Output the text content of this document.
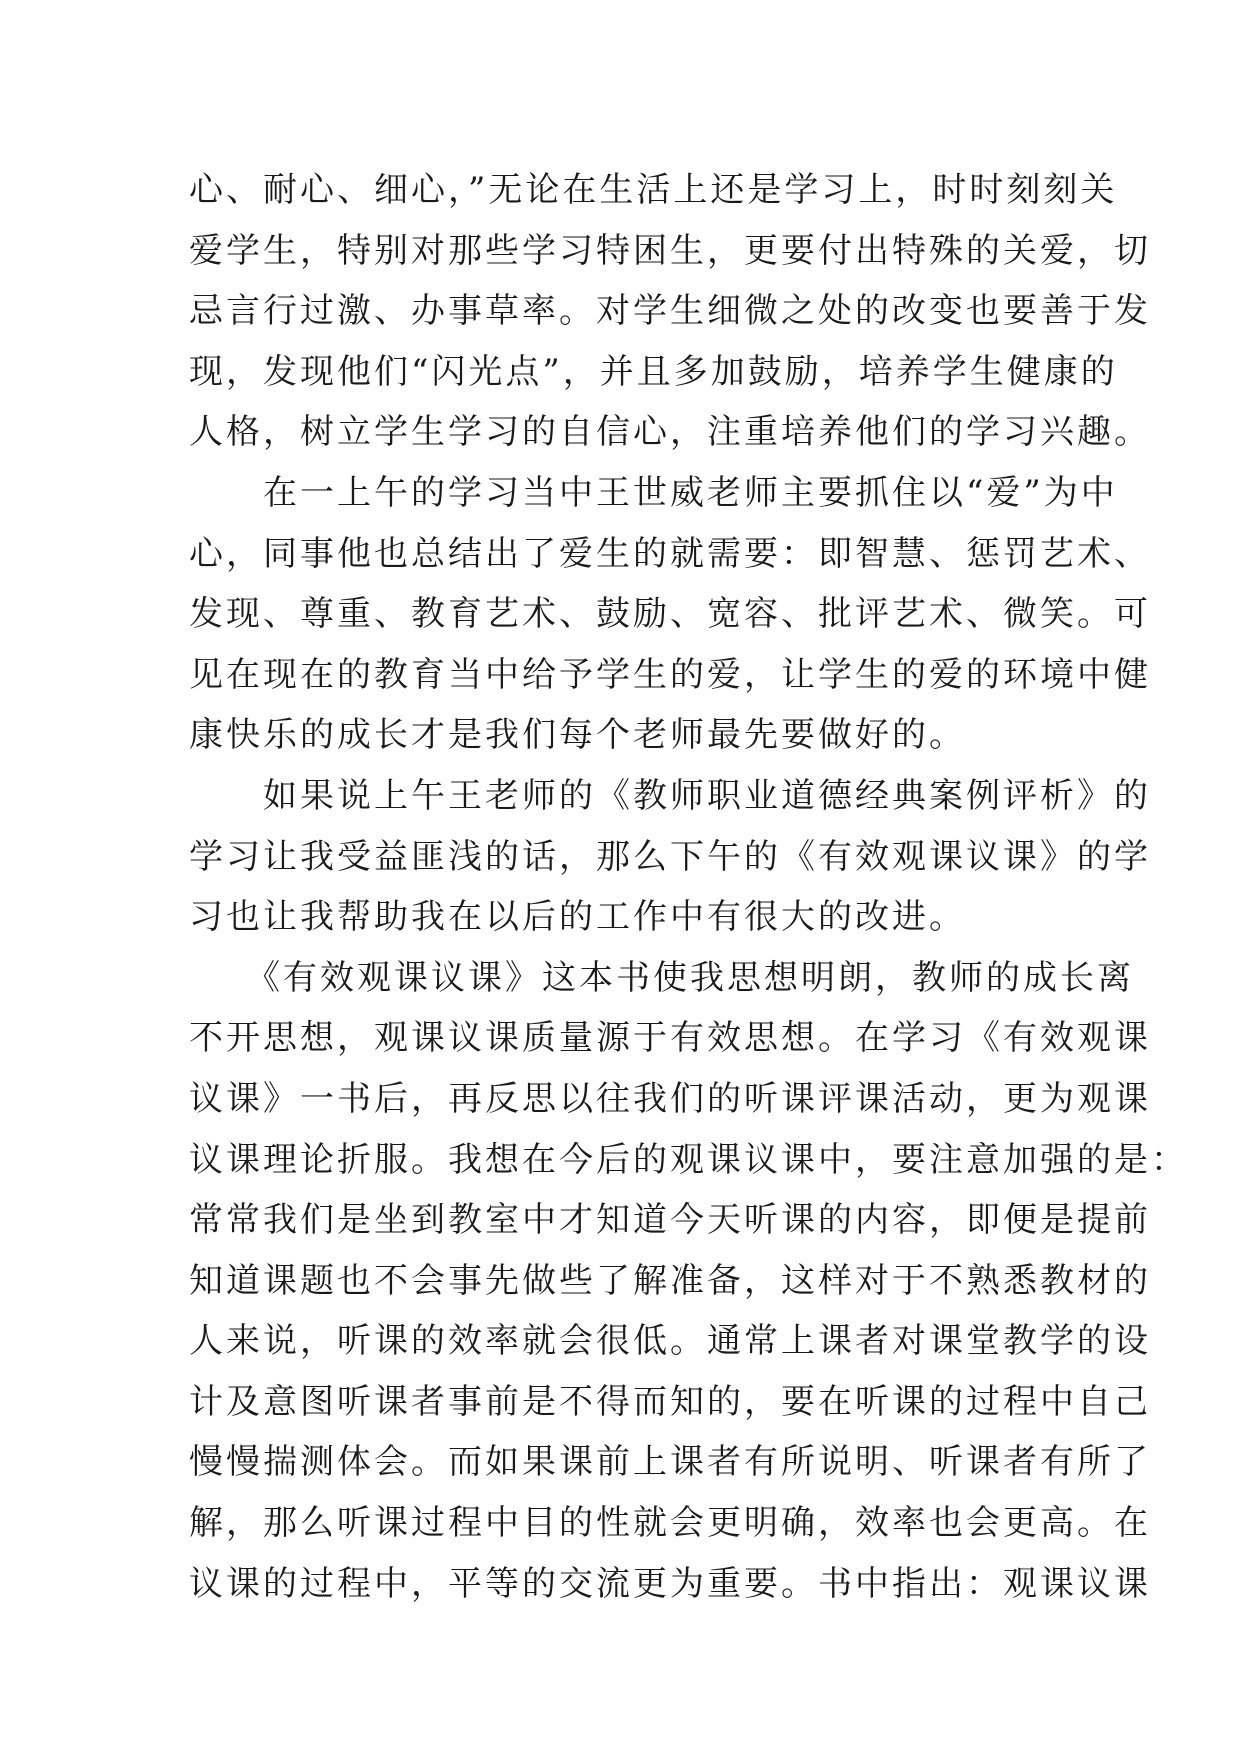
心、耐心、细心，”无论在生活上还是学习上，时时刻刻关
爱学生，特别对那些学习特困生，更要付出特殊的关爱，切
忌言行过激、办事草率。对学生细微之处的改变也要善于发
现，发现他们“闪光点”，并且多加鼓励，培养学生健康的
人格，树立学生学习的自信心，注重培养他们的学习兴趣。
　　在一上午的学习当中王世威老师主要抓住以“爱”为中
心，同事他也总结出了爱生的就需要：即智慧、惩罚艺术、
发现、尊重、教育艺术、鼓励、宽容、批评艺术、微笑。可
见在现在的教育当中给予学生的爱，让学生的爱的环境中健
康快乐的成长才是我们每个老师最先要做好的。
　　如果说上午王老师的《教师职业道德经典案例评析》的
学习让我受益匪浅的话，那么下午的《有效观课议课》的学
习也让我帮助我在以后的工作中有很大的改进。
　　《有效观课议课》这本书使我思想明朗，教师的成长离
不开思想，观课议课质量源于有效思想。在学习《有效观课
议课》一书后，再反思以往我们的听课评课活动，更为观课
议课理论折服。我想在今后的观课议课中，要注意加强的是：
常常我们是坐到教室中才知道今天听课的内容，即便是提前
知道课题也不会事先做些了解准备，这样对于不熟悉教材的
人来说，听课的效率就会很低。通常上课者对课堂教学的设
计及意图听课者事前是不得而知的，要在听课的过程中自己
慢慢揣测体会。而如果课前上课者有所说明、听课者有所了
解，那么听课过程中目的性就会更明确，效率也会更高。在
议课的过程中，平等的交流更为重要。书中指出：观课议课
